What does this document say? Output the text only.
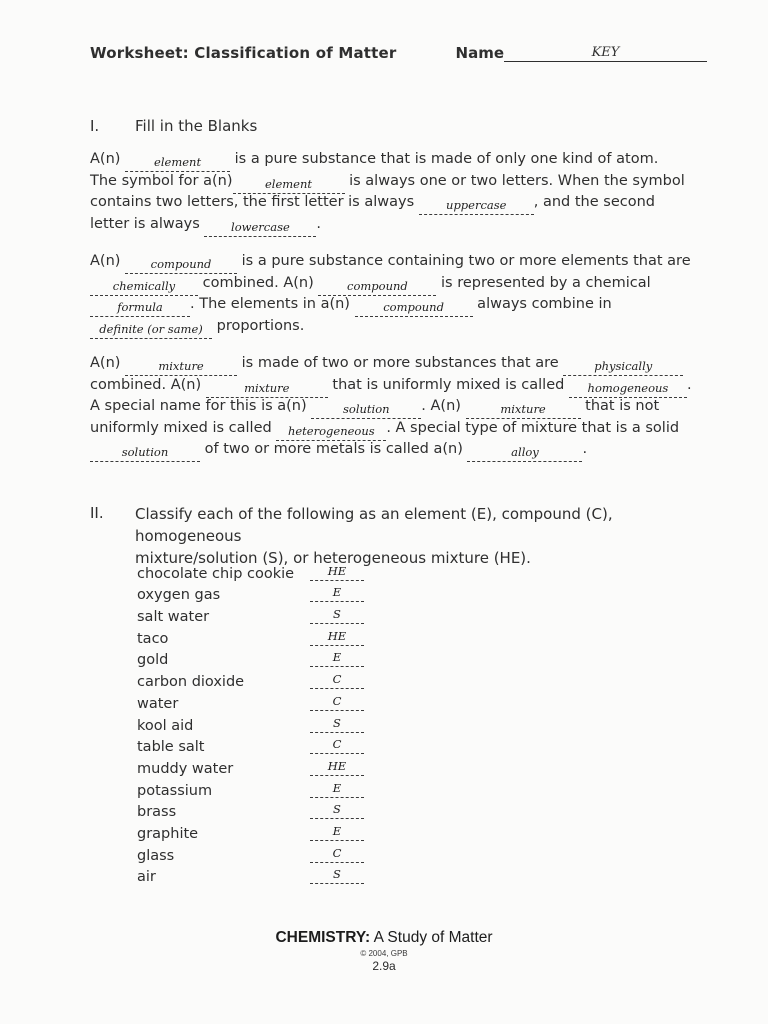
Worksheet: Classification of Matter	Name	KEY
I.	Fill in the Blanks
A(n)	element is a pure substance that is made of only one kind of atom.
The symbol for a(n)	element is always one or two letters. When the symbol
contains two letters, the first letter is always uppercase , and the second
letter is always lowercase .
A(n) compound is a pure substance containing two or more elements that are
chemically combined. A(n) compound is represented by a chemical
formula . The elements in a(n) compound always combine in
definite (or same) proportions.
A(n)	mixture is made of two or more substances that are	physically
combined. A(n)	mixture	that is uniformly mixed is called homogeneous .
A special name for this is a(n)	solution . A(n)	mixture that is not
uniformly mixed is called heterogeneous . A special type of mixture that is a solid
solution of two or more metals is called a(n)	alloy	.
II.	Classify each of the following as an element (E), compound (C), homogeneous
mixture/solution (S), or heterogeneous mixture (HE).
chocolate chip cookie	HE
oxygen gas	E
salt water	S
taco	HE
gold	E
carbon dioxide	C
water	C
kool aid	S
table salt	C
muddy water	HE
potassium	E
brass	S
graphite	E
glass	C
air	S
CHEMISTRY: A Study of Matter
© 2004, GPB
2.9a
